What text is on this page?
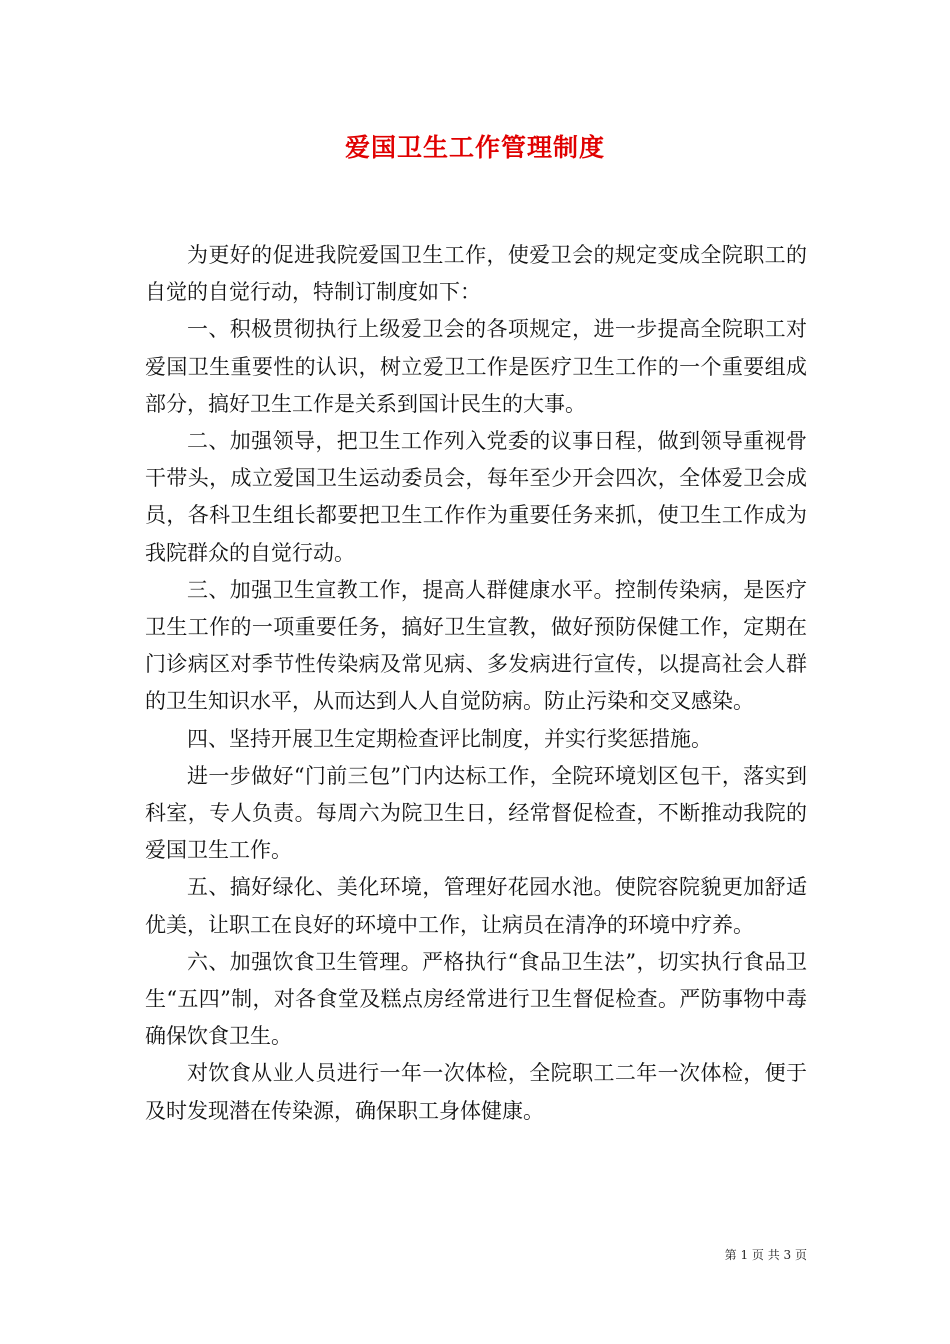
爱国卫生工作管理制度

为更好的促进我院爱国卫生工作，使爱卫会的规定变成全院职工的自觉的自觉行动，特制订制度如下：

一、积极贯彻执行上级爱卫会的各项规定，进一步提高全院职工对爱国卫生重要性的认识，树立爱卫工作是医疗卫生工作的一个重要组成部分，搞好卫生工作是关系到国计民生的大事。

二、加强领导，把卫生工作列入党委的议事日程，做到领导重视骨干带头，成立爱国卫生运动委员会，每年至少开会四次，全体爱卫会成员，各科卫生组长都要把卫生工作作为重要任务来抓，使卫生工作成为我院群众的自觉行动。

三、加强卫生宣教工作，提高人群健康水平。控制传染病，是医疗卫生工作的一项重要任务，搞好卫生宣教，做好预防保健工作，定期在门诊病区对季节性传染病及常见病、多发病进行宣传，以提高社会人群的卫生知识水平，从而达到人人自觉防病。防止污染和交叉感染。

四、坚持开展卫生定期检查评比制度，并实行奖惩措施。

进一步做好“门前三包”门内达标工作，全院环境划区包干，落实到科室，专人负责。每周六为院卫生日，经常督促检查，不断推动我院的爱国卫生工作。

五、搞好绿化、美化环境，管理好花园水池。使院容院貌更加舒适优美，让职工在良好的环境中工作，让病员在清净的环境中疗养。

六、加强饮食卫生管理。严格执行“食品卫生法”，切实执行食品卫生“五四”制，对各食堂及糕点房经常进行卫生督促检查。严防事物中毒确保饮食卫生。

对饮食从业人员进行一年一次体检，全院职工二年一次体检，便于及时发现潜在传染源，确保职工身体健康。

第 1 页 共 3 页
